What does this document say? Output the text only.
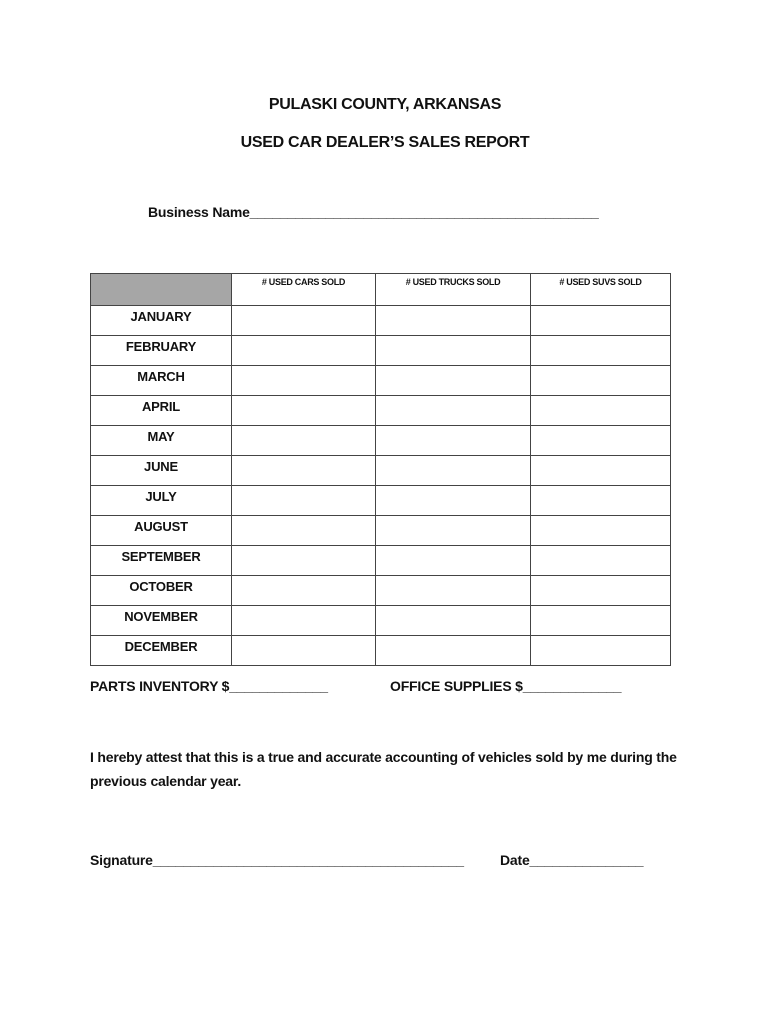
PULASKI COUNTY, ARKANSAS
USED CAR DEALER’S SALES REPORT
Business Name______________________________________________
	# USED CARS SOLD	# USED TRUCKS SOLD	# USED SUVS SOLD
JANUARY			
FEBRUARY			
MARCH			
APRIL			
MAY			
JUNE			
JULY			
AUGUST			
SEPTEMBER			
OCTOBER			
NOVEMBER			
DECEMBER			
PARTS INVENTORY $_____________	OFFICE SUPPLIES $_____________
I hereby attest that this is a true and accurate accounting of vehicles sold by me during the previous calendar year.
Signature_________________________________________	Date_______________
